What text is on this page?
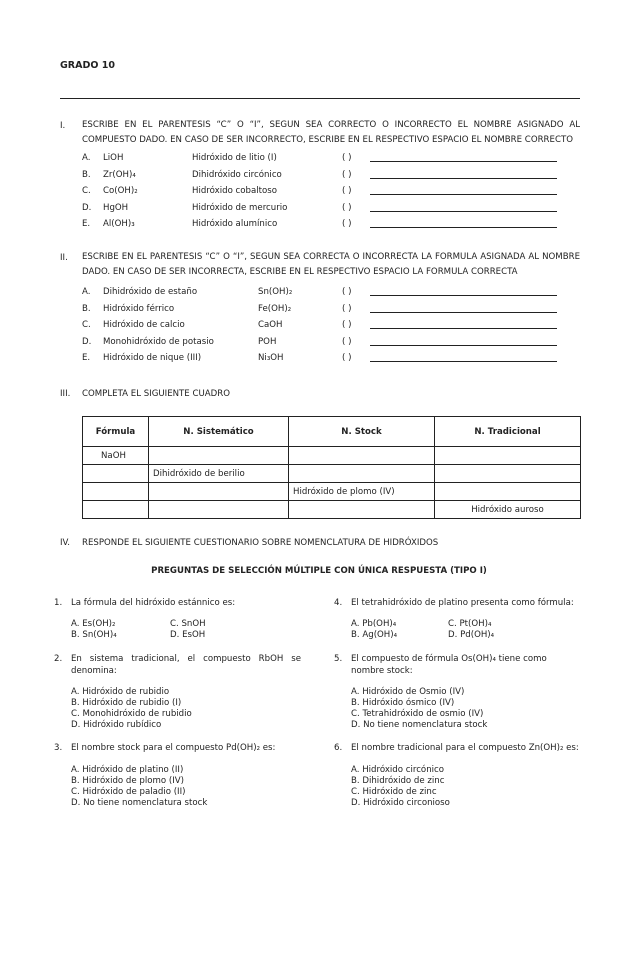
GRADO 10
I. ESCRIBE EN EL PARENTESIS “C” O “I”, SEGUN SEA CORRECTO O INCORRECTO EL NOMBRE ASIGNADO AL COMPUESTO DADO. EN CASO DE SER INCORRECTO, ESCRIBE EN EL RESPECTIVO ESPACIO EL NOMBRE CORRECTO
A. LiOH	Hidróxido de litio (I)	( )
B. Zr(OH)₄	Dihidróxido circónico	( )
C. Co(OH)₂	Hidróxido cobaltoso	( )
D. HgOH	Hidróxido de mercurio	( )
E. Al(OH)₃	Hidróxido alumínico	( )
II. ESCRIBE EN EL PARENTESIS “C” O “I”, SEGUN SEA CORRECTA O INCORRECTA LA FORMULA ASIGNADA AL NOMBRE DADO. EN CASO DE SER INCORRECTA, ESCRIBE EN EL RESPECTIVO ESPACIO LA FORMULA CORRECTA
A. Dihidróxido de estaño	Sn(OH)₂	( )
B. Hidróxido férrico	Fe(OH)₂	( )
C. Hidróxido de calcio	CaOH	( )
D. Monohidróxido de potasio	POH	( )
E. Hidróxido de nique (III)	Ni₃OH	( )
III. COMPLETA EL SIGUIENTE CUADRO
Fórmula	N. Sistemático	N. Stock	N. Tradicional
NaOH			
	Dihidróxido de berilio		
		Hidróxido de plomo (IV)	
			Hidróxido auroso
IV. RESPONDE EL SIGUIENTE CUESTIONARIO SOBRE NOMENCLATURA DE HIDRÓXIDOS
PREGUNTAS DE SELECCIÓN MÚLTIPLE CON ÚNICA RESPUESTA (TIPO I)
1. La fórmula del hidróxido estánnico es:
A. Es(OH)₂	C. SnOH
B. Sn(OH)₄	D. EsOH
2. En sistema tradicional, el compuesto RbOH se denomina:
A. Hidróxido de rubidio
B. Hidróxido de rubidio (I)
C. Monohidróxido de rubidio
D. Hidróxido rubídico
3. El nombre stock para el compuesto Pd(OH)₂ es:
A. Hidróxido de platino (II)
B. Hidróxido de plomo (IV)
C. Hidróxido de paladio (II)
D. No tiene nomenclatura stock
4. El tetrahidróxido de platino presenta como fórmula:
A. Pb(OH)₄	C. Pt(OH)₄
B. Ag(OH)₄	D. Pd(OH)₄
5. El compuesto de fórmula Os(OH)₄ tiene como nombre stock:
A. Hidróxido de Osmio (IV)
B. Hidróxido ósmico (IV)
C. Tetrahidróxido de osmio (IV)
D. No tiene nomenclatura stock
6. El nombre tradicional para el compuesto Zn(OH)₂ es:
A. Hidróxido circónico
B. Dihidróxido de zinc
C. Hidróxido de zinc
D. Hidróxido circonioso
